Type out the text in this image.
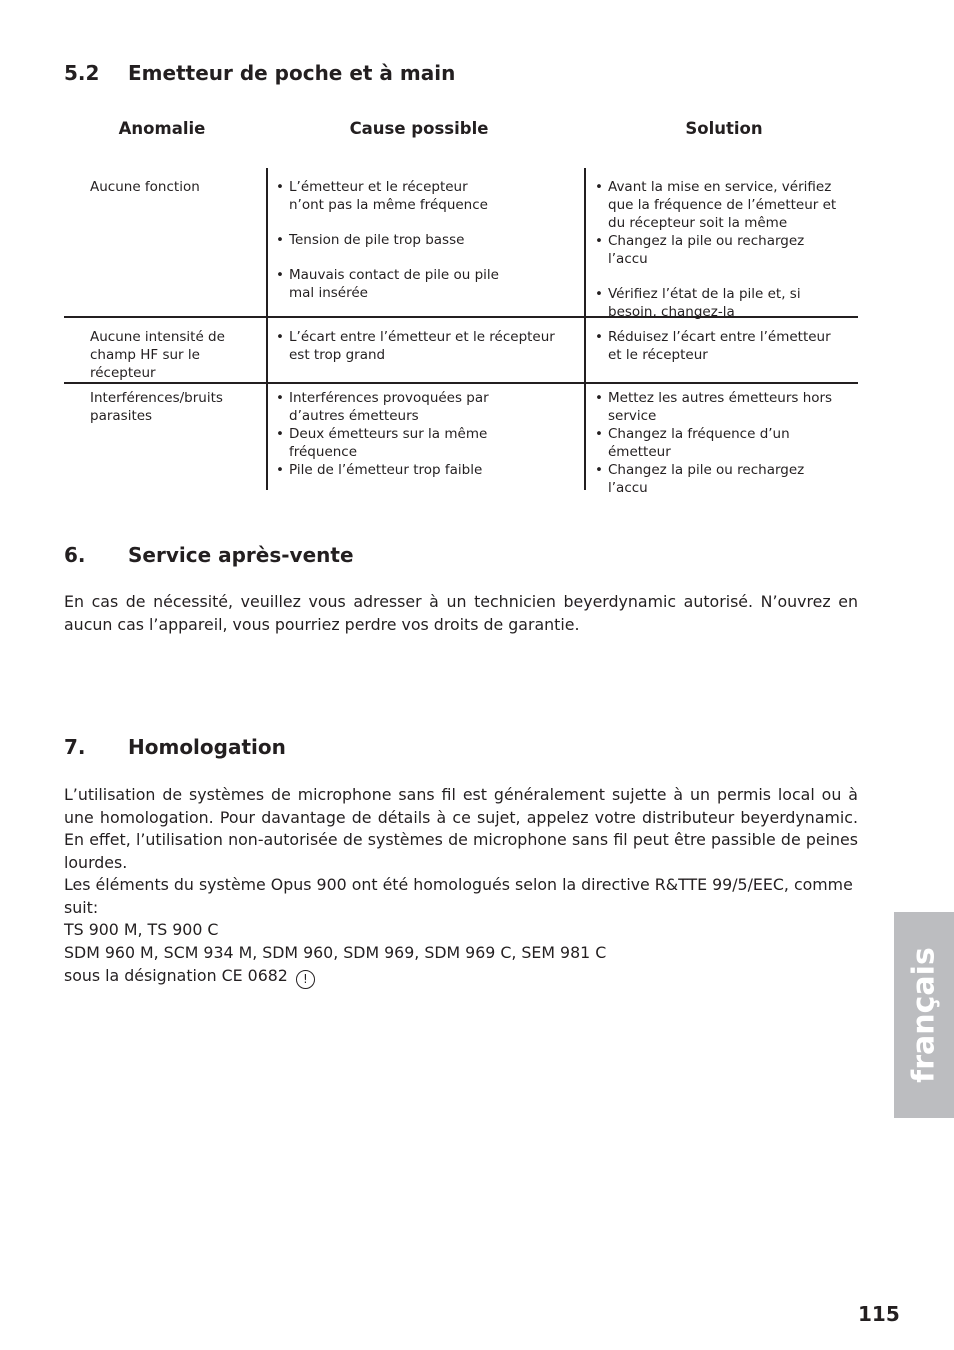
5.2 Emetteur de poche et à main
Anomalie	Cause possible	Solution
Aucune fonction
•	L’émetteur et le récepteur n’ont pas la même fréquence
• Tension de pile trop basse
• Mauvais contact de pile ou pile mal insérée
• Avant la mise en service, vérifiez que la fréquence de l’émetteur et du récepteur soit la même
• Changez la pile ou rechargez l’accu
• Vérifiez l’état de la pile et, si besoin, changez-la
Aucune intensité de champ HF sur le récepteur
• L’écart entre l’émetteur et le récepteur est trop grand
• Réduisez l’écart entre l’émetteur et le récepteur
Interférences/bruits parasites
• Interférences provoquées par d’autres émetteurs
• Deux émetteurs sur la même fréquence
• Pile de l’émetteur trop faible
• Mettez les autres émetteurs hors service
• Changez la fréquence d’un émetteur
• Changez la pile ou rechargez l’accu
6. Service après-vente

En cas de nécessité, veuillez vous adresser à un technicien beyerdynamic autorisé. N’ouvrez en aucun cas l’appareil, vous pourriez perdre vos droits de garantie.

7. Homologation

L’utilisation de systèmes de microphone sans fil est généralement sujette à un permis local ou à une homologation. Pour davantage de détails à ce sujet, appelez votre distributeur beyerdynamic. En effet, l’utilisation non-autorisée de systèmes de microphone sans fil peut être passible de peines lourdes.

Les éléments du système Opus 900 ont été homologués selon la directive R&TTE 99/5/EEC, comme suit:
TS 900 M, TS 900 C
SDM 960 M, SCM 934 M, SDM 960, SDM 969, SDM 969 C, SEM 981 C
sous la désignation CE 0682 !	français
115
